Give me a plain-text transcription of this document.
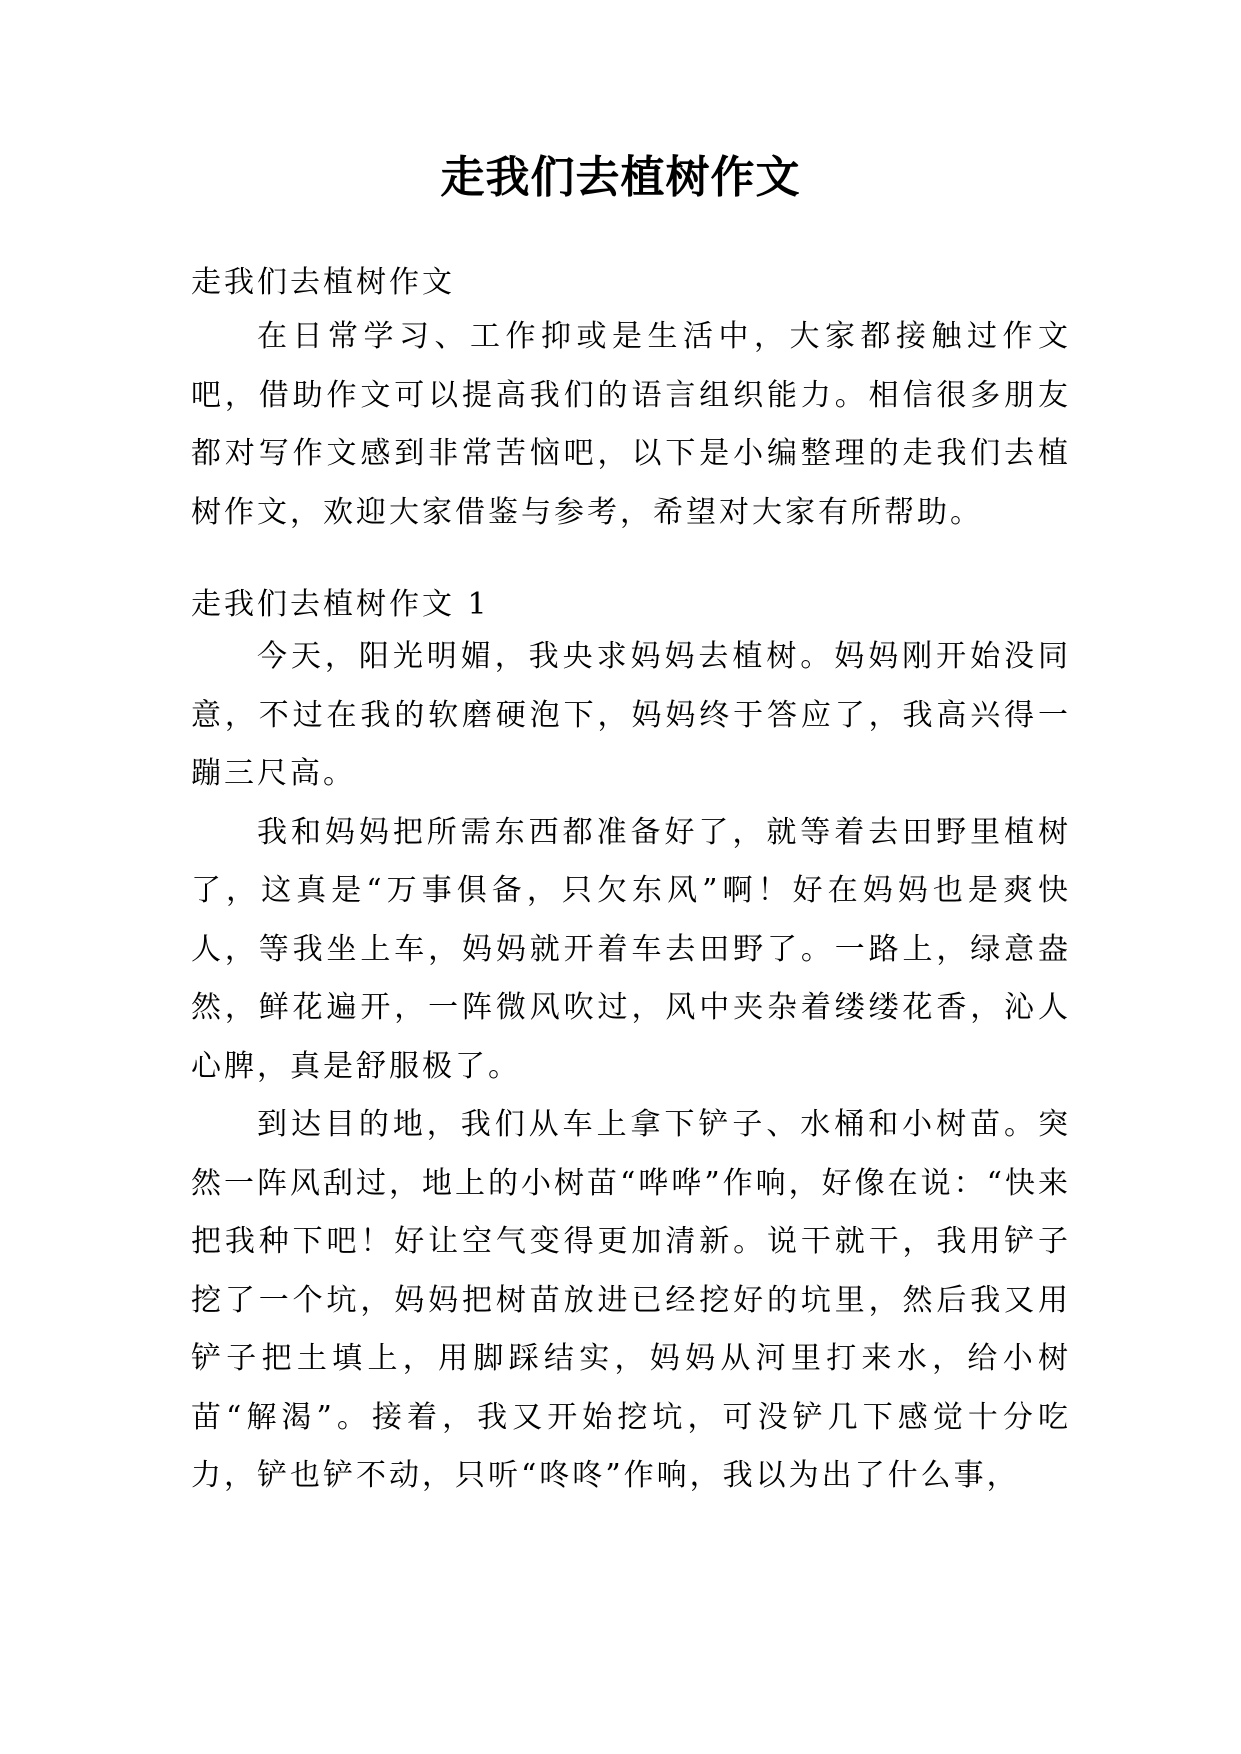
走我们去植树作文

走我们去植树作文

在日常学习、工作抑或是生活中，大家都接触过作文吧，借助作文可以提高我们的语言组织能力。相信很多朋友都对写作文感到非常苦恼吧，以下是小编整理的走我们去植树作文，欢迎大家借鉴与参考，希望对大家有所帮助。

走我们去植树作文 1

今天，阳光明媚，我央求妈妈去植树。妈妈刚开始没同意，不过在我的软磨硬泡下，妈妈终于答应了，我高兴得一蹦三尺高。

我和妈妈把所需东西都准备好了，就等着去田野里植树了，这真是“万事俱备，只欠东风”啊！好在妈妈也是爽快人，等我坐上车，妈妈就开着车去田野了。一路上，绿意盎然，鲜花遍开，一阵微风吹过，风中夹杂着缕缕花香，沁人心脾，真是舒服极了。

到达目的地，我们从车上拿下铲子、水桶和小树苗。突然一阵风刮过，地上的小树苗“哗哗”作响，好像在说：“快来把我种下吧！好让空气变得更加清新。说干就干，我用铲子挖了一个坑，妈妈把树苗放进已经挖好的坑里，然后我又用铲子把土填上，用脚踩结实，妈妈从河里打来水，给小树苗“解渴”。接着，我又开始挖坑，可没铲几下感觉十分吃力，铲也铲不动，只听“咚咚”作响，我以为出了什么事，
